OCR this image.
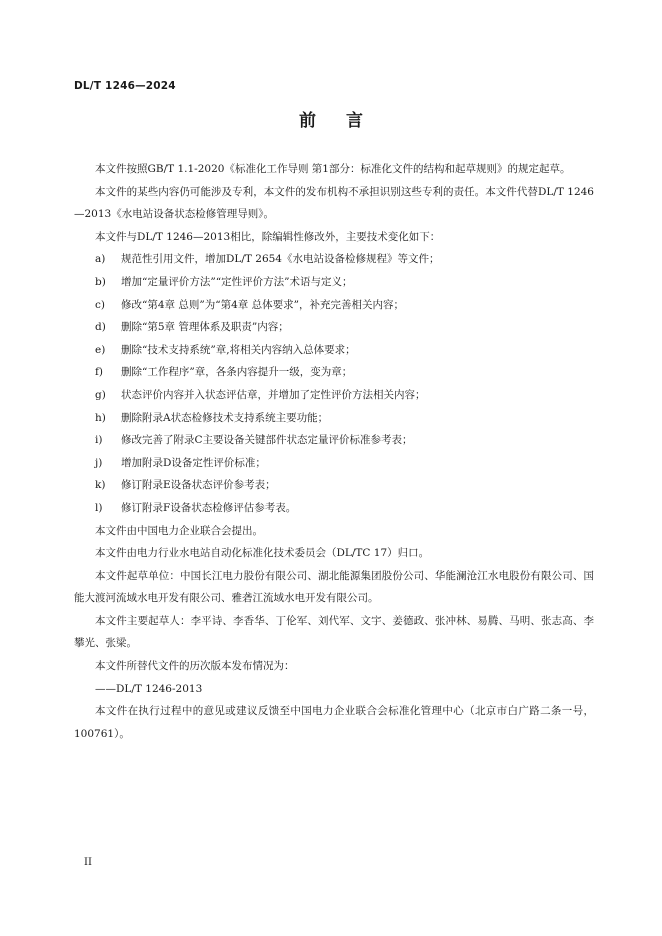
DL/T 1246—2024
前 言

本文件按照GB/T 1.1-2020《标准化工作导则 第1部分：标准化文件的结构和起草规则》的规定起草。

本文件的某些内容仍可能涉及专利，本文件的发布机构不承担识别这些专利的责任。本文件代替DL/T 1246—2013《水电站设备状态检修管理导则》。

本文件与DL/T 1246—2013相比，除编辑性修改外，主要技术变化如下：

a) 规范性引用文件，增加DL/T 2654《水电站设备检修规程》等文件；

b) 增加“定量评价方法”“定性评价方法”术语与定义；

c) 修改“第4章 总则”为“第4章 总体要求”，补充完善相关内容；

d) 删除“第5章 管理体系及职责”内容；

e) 删除“技术支持系统”章,将相关内容纳入总体要求；

f) 删除“工作程序”章，各条内容提升一级，变为章；

g) 状态评价内容并入状态评估章，并增加了定性评价方法相关内容；

h) 删除附录A状态检修技术支持系统主要功能；

i) 修改完善了附录C主要设备关键部件状态定量评价标准参考表；

j) 增加附录D设备定性评价标准；

k) 修订附录E设备状态评价参考表；

l) 修订附录F设备状态检修评估参考表。

本文件由中国电力企业联合会提出。

本文件由电力行业水电站自动化标准化技术委员会（DL/TC 17）归口。

本文件起草单位：中国长江电力股份有限公司、湖北能源集团股份公司、华能澜沧江水电股份有限公司、国能大渡河流域水电开发有限公司、雅砻江流域水电开发有限公司。

本文件主要起草人：李平诗、李香华、丁伦军、刘代军、文宇、姜德政、张冲林、易腾、马明、张志高、李攀光、张梁。

本文件所替代文件的历次版本发布情况为：

——DL/T 1246-2013

本文件在执行过程中的意见或建议反馈至中国电力企业联合会标准化管理中心（北京市白广路二条一号，100761）。

II
